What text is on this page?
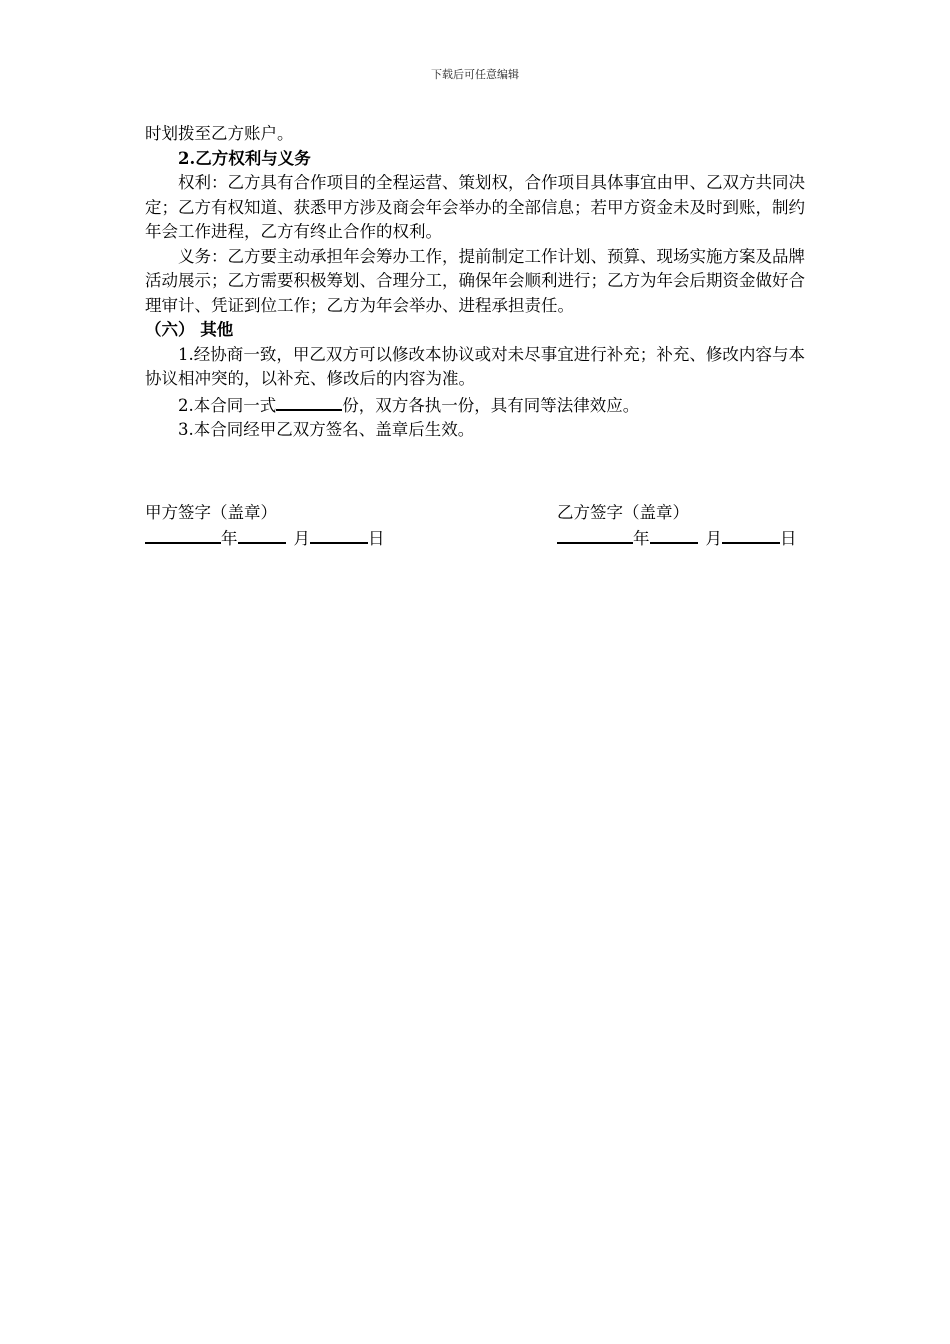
下载后可任意编辑

时划拨至乙方账户。

2.乙方权利与义务

权利：乙方具有合作项目的全程运营、策划权，合作项目具体事宜由甲、乙双方共同决定；乙方有权知道、获悉甲方涉及商会年会举办的全部信息；若甲方资金未及时到账，制约年会工作进程，乙方有终止合作的权利。

义务：乙方要主动承担年会筹办工作，提前制定工作计划、预算、现场实施方案及品牌活动展示；乙方需要积极筹划、合理分工，确保年会顺利进行；乙方为年会后期资金做好合理审计、凭证到位工作；乙方为年会举办、进程承担责任。

（六） 其他

1.经协商一致，甲乙双方可以修改本协议或对未尽事宜进行补充；补充、修改内容与本协议相冲突的，以补充、修改后的内容为准。

2.本合同一式	份，双方各执一份，具有同等法律效应。

3.本合同经甲乙双方签名、盖章后生效。

甲方签字（盖章）
年	月	日
乙方签字（盖章）
年	月	日
